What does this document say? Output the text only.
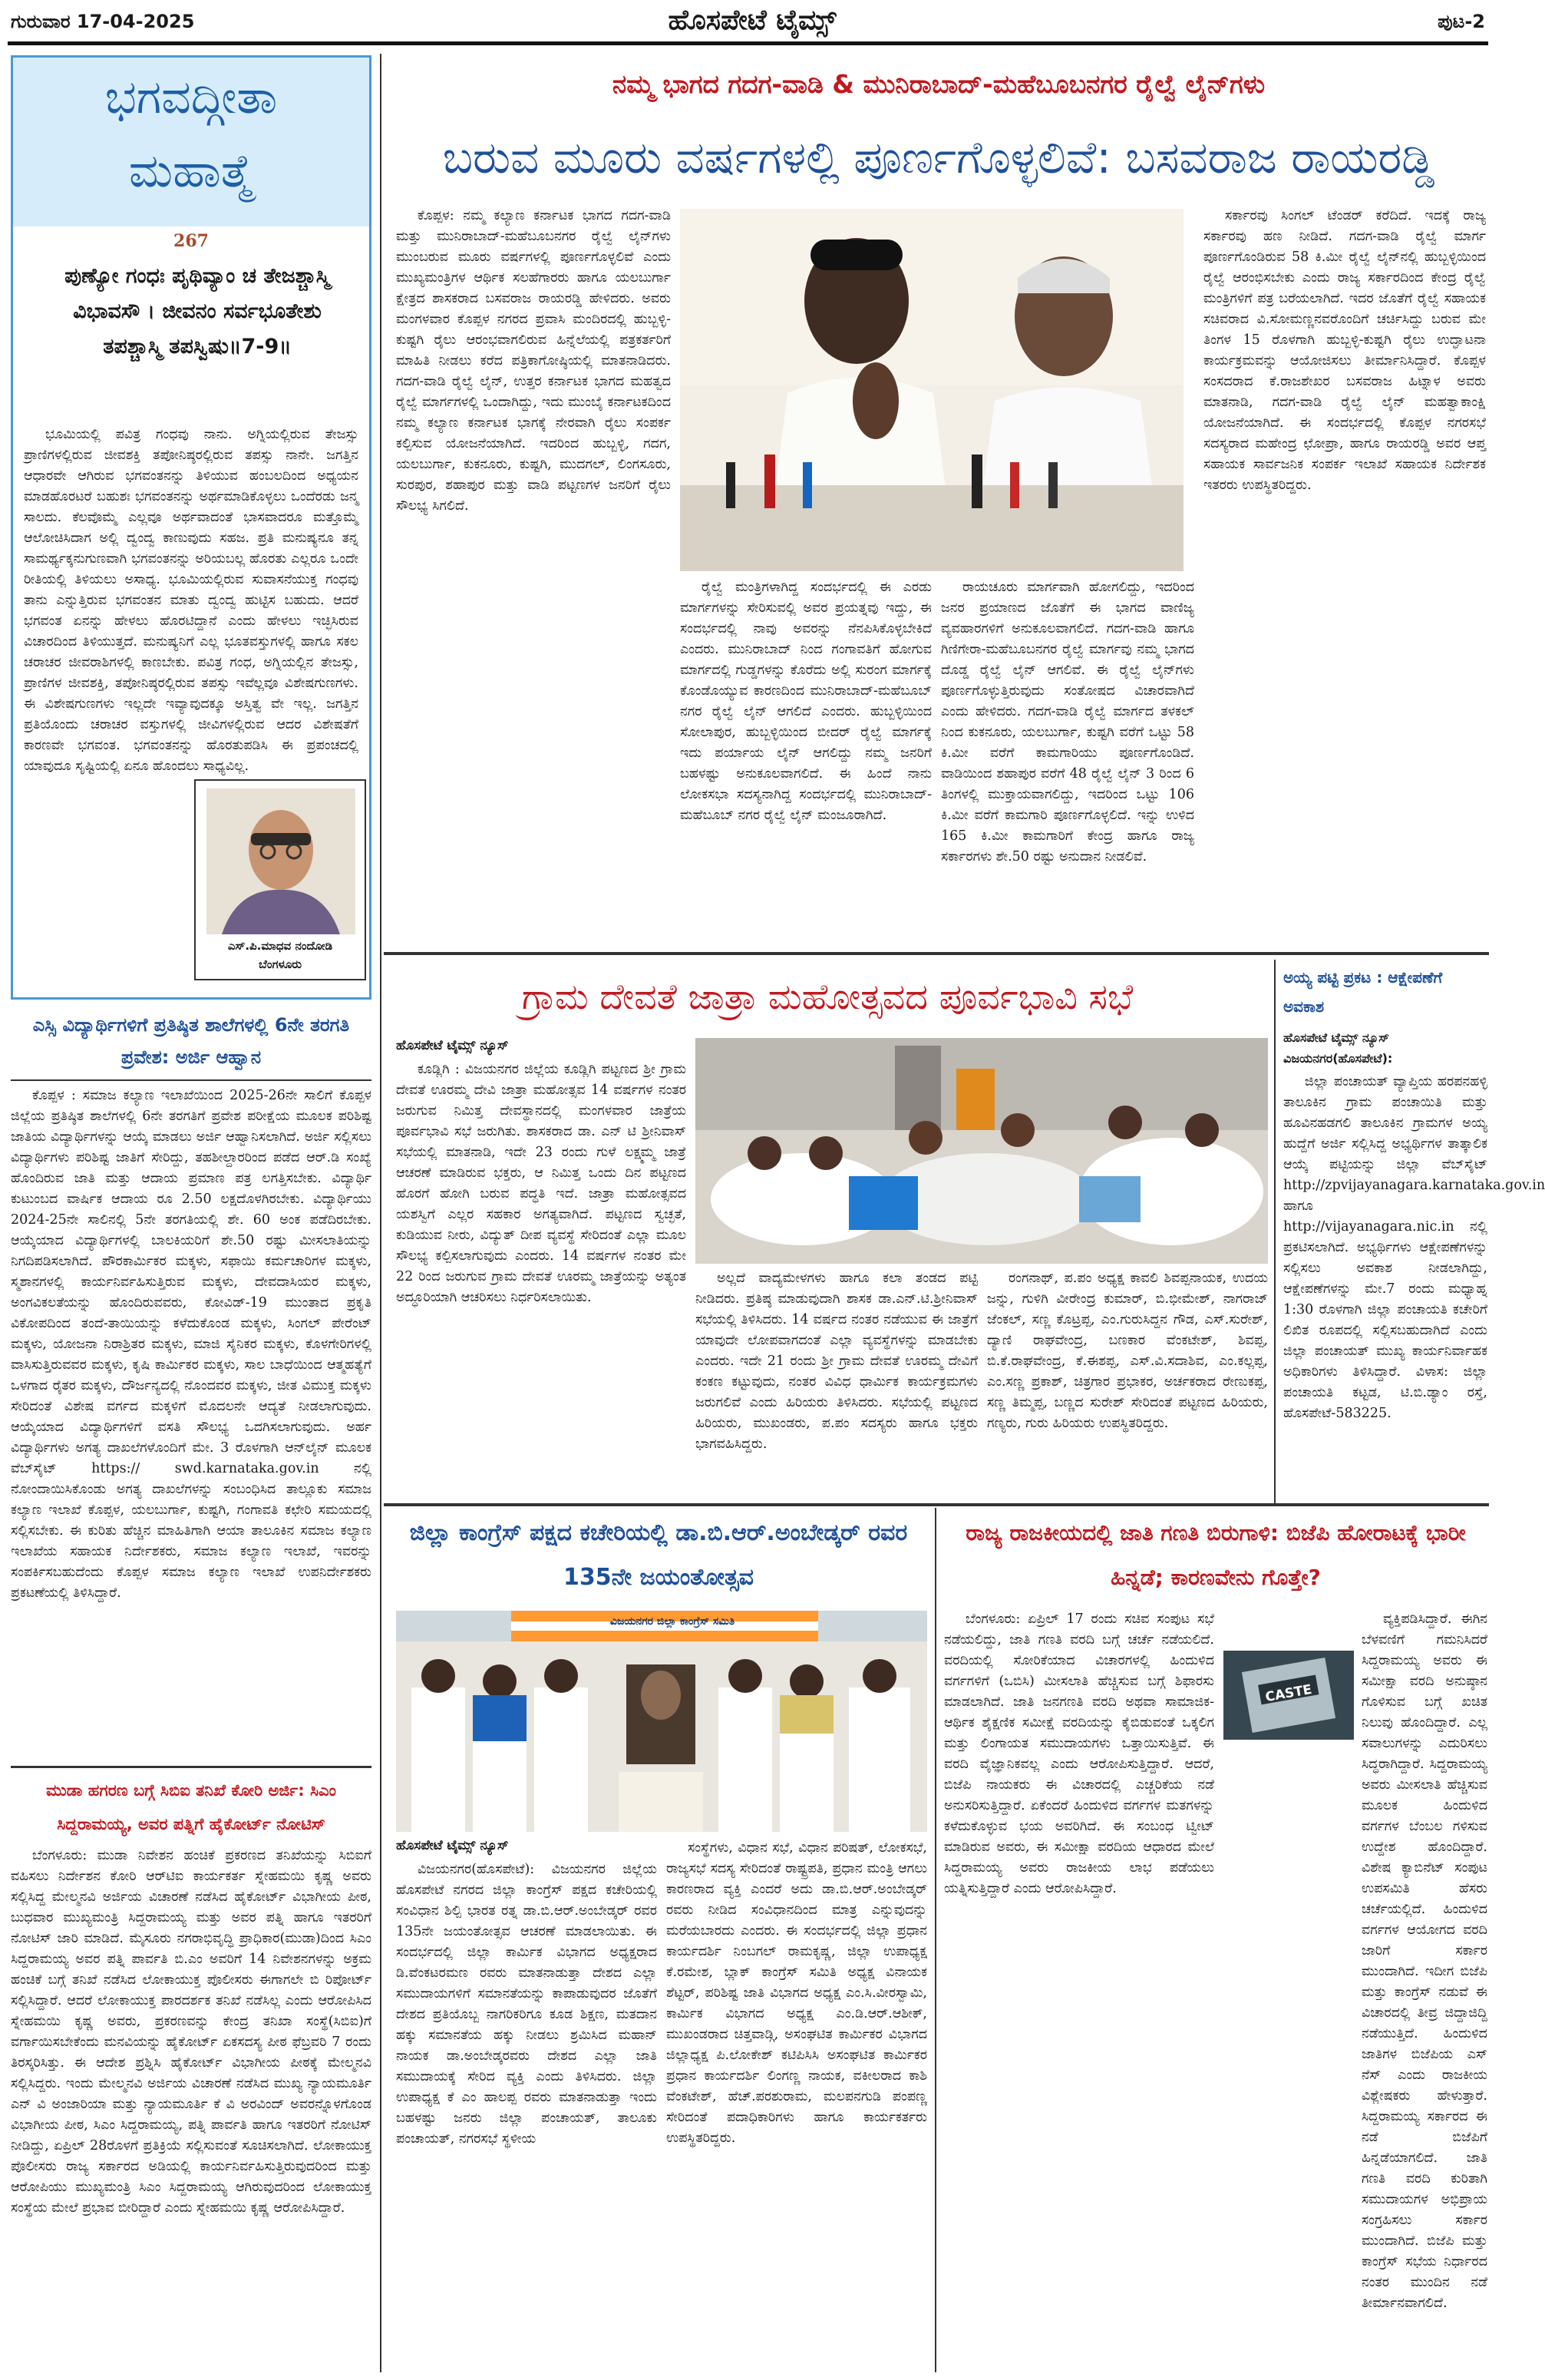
ಗುರುವಾರ 17-04-2025	ಹೊಸಪೇಟೆ ಟೈಮ್ಸ್	ಪುಟ-2
ಭಗವದ್ಗೀತಾ
ಮಹಾತ್ಮೆ
267
ಪುಣ್ಯೋ ಗಂಧಃ ಪೃಥಿವ್ಯಾಂ ಚ ತೇಜಶ್ಚಾಸ್ಮಿ ವಿಭಾವಸೌ । ಜೀವನಂ ಸರ್ವಭೂತೇಶು ತಪಶ್ಚಾಸ್ಮಿ ತಪಸ್ವಿಷು॥7-9॥

ಭೂಮಿಯಲ್ಲಿ ಪವಿತ್ರ ಗಂಧವು ನಾನು. ಅಗ್ನಿಯಲ್ಲಿರುವ ತೇಜಸ್ಸು ಪ್ರಾಣಿಗಳಲ್ಲಿರುವ ಜೀವಶಕ್ತಿ ತಪೋನಿಷ್ಠರಲ್ಲಿರುವ ತಪಸ್ಸು ನಾನೇ. ಜಗತ್ತಿನ ಆಧಾರವೇ ಆಗಿರುವ ಭಗವಂತನನ್ನು ತಿಳಿಯುವ ಹಂಬಲದಿಂದ ಅಧ್ಯಯನ ಮಾಡಹೊರಟರೆ ಬಹುಶಃ ಭಗವಂತನನ್ನು ಅರ್ಥಮಾಡಿಕೊಳ್ಳಲು ಒಂದೆರಡು ಜನ್ಮ ಸಾಲದು. ಕೆಲವೊಮ್ಮೆ ಎಲ್ಲವೂ ಅರ್ಥವಾದಂತೆ ಭಾಸವಾದರೂ ಮತ್ತೊಮ್ಮೆ ಆಲೋಚಿಸಿದಾಗ ಅಲ್ಲಿ ದ್ವಂದ್ವ ಕಾಣುವುದು ಸಹಜ. ಪ್ರತಿ ಮನುಷ್ಯನೂ ತನ್ನ ಸಾಮರ್ಥ್ಯಕ್ಕನುಗುಣವಾಗಿ ಭಗವಂತನನ್ನು ಅರಿಯಬಲ್ಲ ಹೊರತು ಎಲ್ಲರೂ ಒಂದೇ ರೀತಿಯಲ್ಲಿ ತಿಳಿಯಲು ಅಸಾಧ್ಯ. ಭೂಮಿಯಲ್ಲಿರುವ ಸುವಾಸನೆಯುಕ್ತ ಗಂಧವು ತಾನು ಎನ್ನುತ್ತಿರುವ ಭಗವಂತನ ಮಾತು ದ್ವಂದ್ವ ಹುಟ್ಟಿಸ ಬಹುದು. ಆದರೆ ಭಗವಂತ ಏನನ್ನು ಹೇಳಲು ಹೊರಟಿದ್ದಾನೆ ಎಂದು ಹೇಳಲು ಇಚ್ಛಿಸಿರುವ ವಿಚಾರದಿಂದ ತಿಳಿಯುತ್ತದೆ. ಮನುಷ್ಯನಿಗೆ ಎಲ್ಲ ಭೂತವಸ್ತುಗಳಲ್ಲಿ ಹಾಗೂ ಸಕಲ ಚರಾಚರ ಜೀವರಾಶಿಗಳಲ್ಲಿ ಕಾಣಬೇಕು. ಪವಿತ್ರ ಗಂಧ, ಅಗ್ನಿಯಲ್ಲಿನ ತೇಜಸ್ಸು, ಪ್ರಾಣಿಗಳ ಜೀವಶಕ್ತಿ, ತಪೋನಿಷ್ಠರಲ್ಲಿರುವ ತಪಸ್ಸು ಇವೆಲ್ಲವೂ ವಿಶೇಷಗುಣಗಳು. ಈ ವಿಶೇಷಗುಣಗಳು ಇಲ್ಲದೇ ಇವ್ಯಾವುದಕ್ಕೂ ಅಸ್ತಿತ್ವ ವೇ ಇಲ್ಲ. ಜಗತ್ತಿನ ಪ್ರತಿಯೊಂದು ಚರಾಚರ ವಸ್ತುಗಳಲ್ಲಿ ಜೀವಿಗಳಲ್ಲಿರುವ ಆದರ ವಿಶೇಷತೆಗೆ ಕಾರಣವೇ ಭಗವಂತ. ಭಗವಂತನನ್ನು ಹೊರತುಪಡಿಸಿ ಈ ಪ್ರಪಂಚದಲ್ಲಿ ಯಾವುದೂ ಸೃಷ್ಟಿಯಲ್ಲಿ ಏನೂ ಹೊಂದಲು ಸಾಧ್ಯವಿಲ್ಲ.

ಎಸ್.ಪಿ.ಮಾಧವ ನಂದೋಡಿ
ಬೆಂಗಳೂರು
ಎಸ್ಸಿ ವಿದ್ಯಾರ್ಥಿಗಳಿಗೆ ಪ್ರತಿಷ್ಠಿತ ಶಾಲೆಗಳಲ್ಲಿ 6ನೇ ತರಗತಿ ಪ್ರವೇಶ: ಅರ್ಜಿ ಆಹ್ವಾನ

ಕೊಪ್ಪಳ : ಸಮಾಜ ಕಲ್ಯಾಣ ಇಲಾಖೆಯಿಂದ 2025-26ನೇ ಸಾಲಿಗೆ ಕೊಪ್ಪಳ ಜಿಲ್ಲೆಯ ಪ್ರತಿಷ್ಠಿತ ಶಾಲೆಗಳಲ್ಲಿ 6ನೇ ತರಗತಿಗೆ ಪ್ರವೇಶ ಪರೀಕ್ಷೆಯ ಮೂಲಕ ಪರಿಶಿಷ್ಟ ಜಾತಿಯ ವಿದ್ಯಾರ್ಥಿಗಳನ್ನು ಆಯ್ಕೆ ಮಾಡಲು ಅರ್ಜಿ ಆಹ್ವಾನಿಸಲಾಗಿದೆ. ಅರ್ಜಿ ಸಲ್ಲಿಸಲು ವಿದ್ಯಾರ್ಥಿಗಳು ಪರಿಶಿಷ್ಟ ಜಾತಿಗೆ ಸೇರಿದ್ದು, ತಹಶೀಲ್ದಾರರಿಂದ ಪಡೆದ ಆರ್.ಡಿ ಸಂಖ್ಯೆ ಹೊಂದಿರುವ ಜಾತಿ ಮತ್ತು ಆದಾಯ ಪ್ರಮಾಣ ಪತ್ರ ಲಗತ್ತಿಸಬೇಕು. ವಿದ್ಯಾರ್ಥಿ ಕುಟುಂಬದ ವಾರ್ಷಿಕ ಆದಾಯ ರೂ 2.50 ಲಕ್ಷದೊಳಗಿರಬೇಕು. ವಿದ್ಯಾರ್ಥಿಯು 2024-25ನೇ ಸಾಲಿನಲ್ಲಿ 5ನೇ ತರಗತಿಯಲ್ಲಿ ಶೇ. 60 ಅಂಕ ಪಡೆದಿರಬೇಕು. ಆಯ್ಕೆಯಾದ ವಿದ್ಯಾರ್ಥಿಗಳಲ್ಲಿ ಬಾಲಕಿಯರಿಗೆ ಶೇ.50 ರಷ್ಟು ಮೀಸಲಾತಿಯನ್ನು ನಿಗದಿಪಡಿಸಲಾಗಿದೆ. ಪೌರಕಾರ್ಮಿಕರ ಮಕ್ಕಳು, ಸಫಾಯಿ ಕರ್ಮಚಾರಿಗಳ ಮಕ್ಕಳು, ಸ್ಮಶಾನಗಳಲ್ಲಿ ಕಾರ್ಯನಿರ್ವಹಿಸುತ್ತಿರುವ ಮಕ್ಕಳು, ದೇವದಾಸಿಯರ ಮಕ್ಕಳು, ಅಂಗವಿಕಲತೆಯನ್ನು ಹೊಂದಿರುವವರು, ಕೋವಿಡ್-19 ಮುಂತಾದ ಪ್ರಕೃತಿ ವಿಕೋಪದಿಂದ ತಂದೆ-ತಾಯಿಯನ್ನು ಕಳೆದುಕೊಂಡ ಮಕ್ಕಳು, ಸಿಂಗಲ್ ಪೇರೆಂಟ್ ಮಕ್ಕಳು, ಯೋಜನಾ ನಿರಾಶ್ರಿತರ ಮಕ್ಕಳು, ಮಾಜಿ ಸೈನಿಕರ ಮಕ್ಕಳು, ಕೊಳಗೇರಿಗಳಲ್ಲಿ ವಾಸಿಸುತ್ತಿರುವವರ ಮಕ್ಕಳು, ಕೃಷಿ ಕಾರ್ಮಿಕರ ಮಕ್ಕಳು, ಸಾಲ ಬಾಧೆಯಿಂದ ಆತ್ಮಹತ್ಯೆಗೆ ಒಳಗಾದ ರೈತರ ಮಕ್ಕಳು, ದೌರ್ಜನ್ಯದಲ್ಲಿ ನೊಂದವರ ಮಕ್ಕಳು, ಜೀತ ವಿಮುಕ್ತ ಮಕ್ಕಳು ಸೇರಿದಂತೆ ವಿಶೇಷ ವರ್ಗದ ಮಕ್ಕಳಿಗೆ ಮೊದಲನೇ ಆದ್ಯತೆ ನೀಡಲಾಗುವುದು. ಆಯ್ಕೆಯಾದ ವಿದ್ಯಾರ್ಥಿಗಳಿಗೆ ವಸತಿ ಸೌಲಭ್ಯ ಒದಗಿಸಲಾಗುವುದು. ಅರ್ಹ ವಿದ್ಯಾರ್ಥಿಗಳು ಅಗತ್ಯ ದಾಖಲೆಗಳೊಂದಿಗೆ ಮೇ. 3 ರೊಳಗಾಗಿ ಆನ್‌ಲೈನ್ ಮೂಲಕ ವೆಬ್‌ಸೈಟ್ https:// swd.karnataka.gov.in ನಲ್ಲಿ ನೋಂದಾಯಿಸಿಕೊಂಡು ಅಗತ್ಯ ದಾಖಲೆಗಳನ್ನು ಸಂಬಂಧಿಸಿದ ತಾಲ್ಲೂಕು ಸಮಾಜ ಕಲ್ಯಾಣ ಇಲಾಖೆ ಕೊಪ್ಪಳ, ಯಲಬುರ್ಗಾ, ಕುಷ್ಟಗಿ, ಗಂಗಾವತಿ ಕಛೇರಿ ಸಮಯದಲ್ಲಿ ಸಲ್ಲಿಸಬೇಕು. ಈ ಕುರಿತು ಹೆಚ್ಚಿನ ಮಾಹಿತಿಗಾಗಿ ಆಯಾ ತಾಲೂಕಿನ ಸಮಾಜ ಕಲ್ಯಾಣ ಇಲಾಖೆಯ ಸಹಾಯಕ ನಿರ್ದೇಶಕರು, ಸಮಾಜ ಕಲ್ಯಾಣ ಇಲಾಖೆ, ಇವರನ್ನು ಸಂಪರ್ಕಿಸಬಹುದೆಂದು ಕೊಪ್ಪಳ ಸಮಾಜ ಕಲ್ಯಾಣ ಇಲಾಖೆ ಉಪನಿರ್ದೇಶಕರು ಪ್ರಕಟಣೆಯಲ್ಲಿ ತಿಳಿಸಿದ್ದಾರೆ.

ಮುಡಾ ಹಗರಣ ಬಗ್ಗೆ ಸಿಬಿಐ ತನಿಖೆ ಕೋರಿ ಅರ್ಜಿ: ಸಿಎಂ ಸಿದ್ದರಾಮಯ್ಯ, ಅವರ ಪತ್ನಿಗೆ ಹೈಕೋರ್ಟ್ ನೋಟಿಸ್

ಬೆಂಗಳೂರು: ಮುಡಾ ನಿವೇಶನ ಹಂಚಿಕೆ ಪ್ರಕರಣದ ತನಿಖೆಯನ್ನು ಸಿಬಿಐಗೆ ವಹಿಸಲು ನಿರ್ದೇಶನ ಕೋರಿ ಆರ್‌ಟಿಐ ಕಾರ್ಯಕರ್ತ ಸ್ನೇಹಮಯಿ ಕೃಷ್ಣ ಅವರು ಸಲ್ಲಿಸಿದ್ದ ಮೇಲ್ಮನವಿ ಅರ್ಜಿಯ ವಿಚಾರಣೆ ನಡೆಸಿದ ಹೈಕೋರ್ಟ್ ವಿಭಾಗೀಯ ಪೀಠ, ಬುಧವಾರ ಮುಖ್ಯಮಂತ್ರಿ ಸಿದ್ದರಾಮಯ್ಯ ಮತ್ತು ಅವರ ಪತ್ನಿ ಹಾಗೂ ಇತರರಿಗೆ ನೋಟಿಸ್ ಜಾರಿ ಮಾಡಿದೆ. ಮೈಸೂರು ನಗರಾಭಿವೃದ್ಧಿ ಪ್ರಾಧಿಕಾರ(ಮುಡಾ)ದಿಂದ ಸಿಎಂ ಸಿದ್ದರಾಮಯ್ಯ ಅವರ ಪತ್ನಿ ಪಾರ್ವತಿ ಬಿ.ಎಂ ಅವರಿಗೆ 14 ನಿವೇಶನಗಳನ್ನು ಅಕ್ರಮ ಹಂಚಿಕೆ ಬಗ್ಗೆ ತನಿಖೆ ನಡೆಸಿದ ಲೋಕಾಯುಕ್ತ ಪೊಲೀಸರು ಈಗಾಗಲೇ ಬಿ ರಿಪೋರ್ಟ್ ಸಲ್ಲಿಸಿದ್ದಾರೆ. ಆದರೆ ಲೋಕಾಯುಕ್ತ ಪಾರದರ್ಶಕ ತನಿಖೆ ನಡೆಸಿಲ್ಲ ಎಂದು ಆರೋಪಿಸಿದ ಸ್ನೇಹಮಯಿ ಕೃಷ್ಣ ಅವರು, ಪ್ರಕರಣವನ್ನು ಕೇಂದ್ರ ತನಿಖಾ ಸಂಸ್ಥೆ(ಸಿಬಿಐ)ಗೆ ವರ್ಗಾಯಿಸಬೇಕೆಂದು ಮನವಿಯನ್ನು ಹೈಕೋರ್ಟ್ ಏಕಸದಸ್ಯ ಪೀಠ ಫೆಬ್ರವರಿ 7 ರಂದು ತಿರಸ್ಕರಿಸಿತ್ತು. ಈ ಆದೇಶ ಪ್ರಶ್ನಿಸಿ ಹೈಕೋರ್ಟ್ ವಿಭಾಗೀಯ ಪೀಠಕ್ಕೆ ಮೇಲ್ಮನವಿ ಸಲ್ಲಿಸಿದ್ದರು. ಇಂದು ಮೇಲ್ಮನವಿ ಅರ್ಜಿಯ ವಿಚಾರಣೆ ನಡೆಸಿದ ಮುಖ್ಯ ನ್ಯಾಯಮೂರ್ತಿ ಎನ್ ವಿ ಅಂಜಾರಿಯಾ ಮತ್ತು ನ್ಯಾಯಮೂರ್ತಿ ಕೆ ವಿ ಅರವಿಂದ್ ಅವರನ್ನೊಳಗೊಂಡ ವಿಭಾಗೀಯ ಪೀಠ, ಸಿಎಂ ಸಿದ್ದರಾಮಯ್ಯ, ಪತ್ನಿ ಪಾರ್ವತಿ ಹಾಗೂ ಇತರರಿಗೆ ನೋಟಿಸ್ ನೀಡಿದ್ದು, ಏಪ್ರಿಲ್ 28ರೊಳಗೆ ಪ್ರತಿಕ್ರಿಯೆ ಸಲ್ಲಿಸುವಂತೆ ಸೂಚಿಸಲಾಗಿದೆ. ಲೋಕಾಯುಕ್ತ ಪೊಲೀಸರು ರಾಜ್ಯ ಸರ್ಕಾರದ ಅಡಿಯಲ್ಲಿ ಕಾರ್ಯನಿರ್ವಹಿಸುತ್ತಿರುವುದರಿಂದ ಮತ್ತು ಆರೋಪಿಯು ಮುಖ್ಯಮಂತ್ರಿ ಸಿಎಂ ಸಿದ್ದರಾಮಯ್ಯ ಆಗಿರುವುದರಿಂದ ಲೋಕಾಯುಕ್ತ ಸಂಸ್ಥೆಯ ಮೇಲೆ ಪ್ರಭಾವ ಬೀರಿದ್ದಾರೆ ಎಂದು ಸ್ನೇಹಮಯಿ ಕೃಷ್ಣ ಆರೋಪಿಸಿದ್ದಾರೆ.

ನಮ್ಮ ಭಾಗದ ಗದಗ-ವಾಡಿ & ಮುನಿರಾಬಾದ್-ಮಹೆಬೂಬನಗರ ರೈಲ್ವೆ ಲೈನ್‌ಗಳು
ಬರುವ ಮೂರು ವರ್ಷಗಳಲ್ಲಿ ಪೂರ್ಣಗೊಳ್ಳಲಿವೆ: ಬಸವರಾಜ ರಾಯರಡ್ಡಿ

ಕೊಪ್ಪಳ: ನಮ್ಮ ಕಲ್ಯಾಣ ಕರ್ನಾಟಕ ಭಾಗದ ಗದಗ-ವಾಡಿ ಮತ್ತು ಮುನಿರಾಬಾದ್-ಮಹೆಬೂಬನಗರ ರೈಲ್ವೆ ಲೈನ್‌ಗಳು ಮುಂಬರುವ ಮೂರು ವರ್ಷಗಳಲ್ಲಿ ಪೂರ್ಣಗೊಳ್ಳಲಿವೆ ಎಂದು ಮುಖ್ಯಮಂತ್ರಿಗಳ ಆರ್ಥಿಕ ಸಲಹೆಗಾರರು ಹಾಗೂ ಯಲಬುರ್ಗಾ ಕ್ಷೇತ್ರದ ಶಾಸಕರಾದ ಬಸವರಾಜ ರಾಯರಡ್ಡಿ ಹೇಳಿದರು. ಅವರು ಮಂಗಳವಾರ ಕೊಪ್ಪಳ ನಗರದ ಪ್ರವಾಸಿ ಮಂದಿರದಲ್ಲಿ ಹುಬ್ಬಳ್ಳಿ-ಕುಷ್ಟಗಿ ರೈಲು ಆರಂಭವಾಗಲಿರುವ ಹಿನ್ನೆಲೆಯಲ್ಲಿ ಪತ್ರಕರ್ತರಿಗೆ ಮಾಹಿತಿ ನೀಡಲು ಕರೆದ ಪತ್ರಿಕಾಗೋಷ್ಠಿಯಲ್ಲಿ ಮಾತನಾಡಿದರು. ಗದಗ-ವಾಡಿ ರೈಲ್ವೆ ಲೈನ್, ಉತ್ತರ ಕರ್ನಾಟಕ ಭಾಗದ ಮಹತ್ವದ ರೈಲ್ವೆ ಮಾರ್ಗಗಳಲ್ಲಿ ಒಂದಾಗಿದ್ದು, ಇದು ಮುಂಬೈ ಕರ್ನಾಟಕದಿಂದ ನಮ್ಮ ಕಲ್ಯಾಣ ಕರ್ನಾಟಕ ಭಾಗಕ್ಕೆ ನೇರವಾಗಿ ರೈಲು ಸಂಪರ್ಕ ಕಲ್ಪಿಸುವ ಯೋಜನೆಯಾಗಿದೆ. ಇದರಿಂದ ಹುಬ್ಬಳ್ಳಿ, ಗದಗ, ಯಲಬುರ್ಗಾ, ಕುಕನೂರು, ಕುಷ್ಟಗಿ, ಮುದಗಲ್, ಲಿಂಗಸೂರು, ಸುರಪುರ, ಶಹಾಪುರ ಮತ್ತು ವಾಡಿ ಪಟ್ಟಣಗಳ ಜನರಿಗೆ ರೈಲು ಸೌಲಭ್ಯ ಸಿಗಲಿದೆ.

ರೈಲ್ವೆ ಮಂತ್ರಿಗಳಾಗಿದ್ದ ಸಂದರ್ಭದಲ್ಲಿ ಈ ಎರಡು ಮಾರ್ಗಗಳನ್ನು ಸೇರಿಸುವಲ್ಲಿ ಅವರ ಪ್ರಯತ್ನವು ಇದ್ದು, ಈ ಸಂದರ್ಭದಲ್ಲಿ ನಾವು ಅವರನ್ನು ನೆನಪಿಸಿಕೊಳ್ಳಬೇಕಿದೆ ಎಂದರು. ಮುನಿರಾಬಾದ್ ನಿಂದ ಗಂಗಾವತಿಗೆ ಹೋಗುವ ಮಾರ್ಗದಲ್ಲಿ ಗುಡ್ಡಗಳನ್ನು ಕೊರೆದು ಅಲ್ಲಿ ಸುರಂಗ ಮಾರ್ಗಕ್ಕೆ ಕೊಂಡೊಯ್ಯುವ ಕಾರಣದಿಂದ ಮುನಿರಾಬಾದ್-ಮಹೆಬೂಬ್ ನಗರ ರೈಲ್ವೆ ಲೈನ್ ಆಗಲಿದೆ ಎಂದರು. ಹುಬ್ಬಳ್ಳಿಯಿಂದ ಸೋಲಾಪುರ, ಹುಬ್ಬಳ್ಳಿಯಿಂದ ಬೀದರ್ ರೈಲ್ವೆ ಮಾರ್ಗಕ್ಕೆ ಇದು ಪರ್ಯಾಯ ಲೈನ್ ಆಗಲಿದ್ದು ನಮ್ಮ ಜನರಿಗೆ ಬಹಳಷ್ಟು ಅನುಕೂಲವಾಗಲಿದೆ. ಈ ಹಿಂದೆ ನಾನು ಲೋಕಸಭಾ ಸದಸ್ಯನಾಗಿದ್ದ ಸಂದರ್ಭದಲ್ಲಿ ಮುನಿರಾಬಾದ್-ಮಹೆಬೂಬ್ ನಗರ ರೈಲ್ವೆ ಲೈನ್ ಮಂಜೂರಾಗಿದೆ.

ರಾಯಚೂರು ಮಾರ್ಗವಾಗಿ ಹೋಗಲಿದ್ದು, ಇದರಿಂದ ಜನರ ಪ್ರಯಾಣದ ಜೊತೆಗೆ ಈ ಭಾಗದ ವಾಣಿಜ್ಯ ವ್ಯವಹಾರಗಳಿಗೆ ಅನುಕೂಲವಾಗಲಿದೆ. ಗದಗ-ವಾಡಿ ಹಾಗೂ ಗಿಣಿಗೇರಾ-ಮಹೆಬೂಬನಗರ ರೈಲ್ವೆ ಮಾರ್ಗವು ನಮ್ಮ ಭಾಗದ ದೊಡ್ಡ ರೈಲ್ವೆ ಲೈನ್ ಆಗಲಿವೆ. ಈ ರೈಲ್ವೆ ಲೈನ್‌ಗಳು ಪೂರ್ಣಗೊಳ್ಳುತ್ತಿರುವುದು ಸಂತೋಷದ ವಿಚಾರವಾಗಿದೆ ಎಂದು ಹೇಳಿದರು. ಗದಗ-ವಾಡಿ ರೈಲ್ವೆ ಮಾರ್ಗದ ತಳಕಲ್ ನಿಂದ ಕುಕನೂರು, ಯಲಬುರ್ಗಾ, ಕುಷ್ಟಗಿ ವರೆಗೆ ಒಟ್ಟು 58 ಕಿ.ಮೀ ವರೆಗೆ ಕಾಮಗಾರಿಯು ಪೂರ್ಣಗೊಂಡಿದೆ. ವಾಡಿಯಿಂದ ಶಹಾಪುರ ವರೆಗೆ 48 ರೈಲ್ವೆ ಲೈನ್ 3 ರಿಂದ 6 ತಿಂಗಳಲ್ಲಿ ಮುಕ್ತಾಯವಾಗಲಿದ್ದು, ಇದರಿಂದ ಒಟ್ಟು 106 ಕಿ.ಮೀ ವರೆಗೆ ಕಾಮಗಾರಿ ಪೂರ್ಣಗೊಳ್ಳಲಿದೆ. ಇನ್ನು ಉಳಿದ 165 ಕಿ.ಮೀ ಕಾಮಗಾರಿಗೆ ಕೇಂದ್ರ ಹಾಗೂ ರಾಜ್ಯ ಸರ್ಕಾರಗಳು ಶೇ.50 ರಷ್ಟು ಅನುದಾನ ನೀಡಲಿವೆ.

ಸರ್ಕಾರವು ಸಿಂಗಲ್ ಟೆಂಡರ್ ಕರೆದಿದೆ. ಇದಕ್ಕೆ ರಾಜ್ಯ ಸರ್ಕಾರವು ಹಣ ನೀಡಿದೆ. ಗದಗ-ವಾಡಿ ರೈಲ್ವೆ ಮಾರ್ಗ ಪೂರ್ಣಗೊಂಡಿರುವ 58 ಕಿ.ಮೀ ರೈಲ್ವೆ ಲೈನ್‌ನಲ್ಲಿ ಹುಬ್ಬಳ್ಳಿಯಿಂದ ರೈಲ್ವೆ ಆರಂಭಿಸಬೇಕು ಎಂದು ರಾಜ್ಯ ಸರ್ಕಾರದಿಂದ ಕೇಂದ್ರ ರೈಲ್ವೆ ಮಂತ್ರಿಗಳಿಗೆ ಪತ್ರ ಬರೆಯಲಾಗಿದೆ. ಇದರ ಜೊತೆಗೆ ರೈಲ್ವೆ ಸಹಾಯಕ ಸಚಿವರಾದ ವಿ.ಸೋಮಣ್ಣನವರೊಂದಿಗೆ ಚರ್ಚಿಸಿದ್ದು ಬರುವ ಮೇ ತಿಂಗಳ 15 ರೊಳಗಾಗಿ ಹುಬ್ಬಳ್ಳಿ-ಕುಷ್ಟಗಿ ರೈಲು ಉದ್ಘಾಟನಾ ಕಾರ್ಯಕ್ರಮವನ್ನು ಆಯೋಜಿಸಲು ತೀರ್ಮಾನಿಸಿದ್ದಾರೆ. ಕೊಪ್ಪಳ ಸಂಸದರಾದ ಕೆ.ರಾಜಶೇಖರ ಬಸವರಾಜ ಹಿಟ್ನಾಳ ಅವರು ಮಾತನಾಡಿ, ಗದಗ-ವಾಡಿ ರೈಲ್ವೆ ಲೈನ್ ಮಹತ್ವಾಕಾಂಕ್ಷಿ ಯೋಜನೆಯಾಗಿದೆ. ಈ ಸಂದರ್ಭದಲ್ಲಿ ಕೊಪ್ಪಳ ನಗರಸಭೆ ಸದಸ್ಯರಾದ ಮಹೇಂದ್ರ ಛೋಪ್ರಾ, ಹಾಗೂ ರಾಯರಡ್ಡಿ ಅವರ ಆಪ್ತ ಸಹಾಯಕ ಸಾರ್ವಜನಿಕ ಸಂಪರ್ಕ ಇಲಾಖೆ ಸಹಾಯಕ ನಿರ್ದೇಶಕ ಇತರರು ಉಪಸ್ಥಿತರಿದ್ದರು.

ಗ್ರಾಮ ದೇವತೆ ಜಾತ್ರಾ ಮಹೋತ್ಸವದ ಪೂರ್ವಭಾವಿ ಸಭೆ
ಹೊಸಪೇಟೆ ಟೈಮ್ಸ್ ನ್ಯೂಸ್

ಕೂಡ್ಲಿಗಿ : ವಿಜಯನಗರ ಜಿಲ್ಲೆಯ ಕೂಡ್ಲಿಗಿ ಪಟ್ಟಣದ ಶ್ರೀ ಗ್ರಾಮ ದೇವತೆ ಊರಮ್ಮ ದೇವಿ ಜಾತ್ರಾ ಮಹೋತ್ಸವ 14 ವರ್ಷಗಳ ನಂತರ ಜರುಗುವ ನಿಮಿತ್ತ ದೇವಸ್ಥಾನದಲ್ಲಿ ಮಂಗಳವಾರ ಜಾತ್ರೆಯ ಪೂರ್ವಭಾವಿ ಸಭೆ ಜರುಗಿತು. ಶಾಸಕರಾದ ಡಾ. ಎನ್ ಟಿ ಶ್ರೀನಿವಾಸ್ ಸಭೆಯಲ್ಲಿ ಮಾತನಾಡಿ, ಇದೇ 23 ರಂದು ಗುಳೆ ಲಕ್ಷ್ಮಮ್ಮ ಜಾತ್ರೆ ಆಚರಣೆ ಮಾಡಿರುವ ಭಕ್ತರು, ಆ ನಿಮಿತ್ತ ಒಂದು ದಿನ ಪಟ್ಟಣದ ಹೊರಗೆ ಹೋಗಿ ಬರುವ ಪದ್ಧತಿ ಇದೆ. ಜಾತ್ರಾ ಮಹೋತ್ಸವದ ಯಶಸ್ವಿಗೆ ಎಲ್ಲರ ಸಹಕಾರ ಅಗತ್ಯವಾಗಿದೆ. ಪಟ್ಟಣದ ಸ್ವಚ್ಛತೆ, ಕುಡಿಯುವ ನೀರು, ವಿದ್ಯುತ್ ದೀಪ ವ್ಯವಸ್ಥೆ ಸೇರಿದಂತೆ ಎಲ್ಲಾ ಮೂಲ ಸೌಲಭ್ಯ ಕಲ್ಪಿಸಲಾಗುವುದು ಎಂದರು. 14 ವರ್ಷಗಳ ನಂತರ ಮೇ 22 ರಿಂದ ಜರುಗುವ ಗ್ರಾಮ ದೇವತೆ ಊರಮ್ಮ ಜಾತ್ರೆಯನ್ನು ಅತ್ಯಂತ ಅದ್ಧೂರಿಯಾಗಿ ಆಚರಿಸಲು ನಿರ್ಧರಿಸಲಾಯಿತು.

ಅಲ್ಲದೆ ವಾದ್ಯಮೇಳಗಳು ಹಾಗೂ ಕಲಾ ತಂಡದ ಪಟ್ಟಿ ನೀಡಿದರು. ಪ್ರತಿಷ್ಠ ಮಾಡುವುದಾಗಿ ಶಾಸಕ ಡಾ.ಎನ್.ಟಿ.ಶ್ರೀನಿವಾಸ್ ಸಭೆಯಲ್ಲಿ ತಿಳಿಸಿದರು. 14 ವರ್ಷದ ನಂತರ ನಡೆಯುವ ಈ ಜಾತ್ರೆಗೆ ಯಾವುದೇ ಲೋಪವಾಗದಂತೆ ಎಲ್ಲಾ ವ್ಯವಸ್ಥೆಗಳನ್ನು ಮಾಡಬೇಕು ಎಂದರು. ಇದೇ 21 ರಂದು ಶ್ರೀ ಗ್ರಾಮ ದೇವತೆ ಊರಮ್ಮ ದೇವಿಗೆ ಕಂಕಣ ಕಟ್ಟುವುದು, ನಂತರ ವಿವಿಧ ಧಾರ್ಮಿಕ ಕಾರ್ಯಕ್ರಮಗಳು ಜರುಗಲಿವೆ ಎಂದು ಹಿರಿಯರು ತಿಳಿಸಿದರು. ಸಭೆಯಲ್ಲಿ ಪಟ್ಟಣದ ಹಿರಿಯರು, ಮುಖಂಡರು, ಪ.ಪಂ ಸದಸ್ಯರು ಹಾಗೂ ಭಕ್ತರು ಭಾಗವಹಿಸಿದ್ದರು.

ರಂಗನಾಥ್, ಪ.ಪಂ ಅಧ್ಯಕ್ಷ ಕಾವಲಿ ಶಿವಪ್ಪನಾಯಕ, ಉದಯ ಜನ್ನು, ಗುಳಿಗಿ ವೀರೇಂದ್ರ ಕುಮಾರ್, ಬಿ.ಭೀಮೇಶ್, ನಾಗರಾಜ್ ಜೆಂಕಲ್, ಸಣ್ಣ ಕೊಟ್ರಪ್ಪ, ಎಂ.ಗುರುಸಿದ್ದನ ಗೌಡ, ಎಸ್.ಸುರೇಶ್, ದ್ಯಾಣಿ ರಾಘವೇಂದ್ರ, ಬಣಕಾರ ವೆಂಕಟೇಶ್, ಶಿವಪ್ಪ, ಬಿ.ಕೆ.ರಾಘವೇಂದ್ರ, ಕೆ.ಈಶಪ್ಪ, ಎಸ್.ವಿ.ಸದಾಶಿವ, ಎಂ.ಕಲ್ಲಪ್ಪ, ಎಂ.ಸಣ್ಣ ಪ್ರಕಾಶ್, ಚಿತ್ರಗಾರ ಪ್ರಭಾಕರ, ಅರ್ಚಕರಾದ ರೇಣುಕಪ್ಪ, ಸಣ್ಣ ತಿಮ್ಮಪ್ಪ, ಬಣ್ಣದ ಸುರೇಶ್ ಸೇರಿದಂತೆ ಪಟ್ಟಣದ ಹಿರಿಯರು, ಗಣ್ಯರು, ಗುರು ಹಿರಿಯರು ಉಪಸ್ಥಿತರಿದ್ದರು.

ಅಯ್ಯ ಪಟ್ಟಿ ಪ್ರಕಟ : ಆಕ್ಷೇಪಣೆಗೆ ಅವಕಾಶ
ಹೊಸಪೇಟೆ ಟೈಮ್ಸ್ ನ್ಯೂಸ್ ವಿಜಯನಗರ(ಹೊಸಪೇಟೆ):

ಜಿಲ್ಲಾ ಪಂಚಾಯತ್ ವ್ಯಾಪ್ತಿಯ ಹರಪನಹಳ್ಳಿ ತಾಲೂಕಿನ ಗ್ರಾಮ ಪಂಚಾಯಿತಿ ಮತ್ತು ಹೂವಿನಹಡಗಲಿ ತಾಲೂಕಿನ ಗ್ರಾಮಗಳ ಅಯ್ಯ ಹುದ್ದೆಗೆ ಅರ್ಜಿ ಸಲ್ಲಿಸಿದ್ದ ಅಭ್ಯರ್ಥಿಗಳ ತಾತ್ಕಾಲಿಕ ಆಯ್ಕೆ ಪಟ್ಟಿಯನ್ನು ಜಿಲ್ಲಾ ವೆಬ್‌ಸೈಟ್ http://zpvijayanagara.karnataka.gov.in ಹಾಗೂ http://vijayanagara.nic.in ನಲ್ಲಿ ಪ್ರಕಟಿಸಲಾಗಿದೆ. ಅಭ್ಯರ್ಥಿಗಳು ಆಕ್ಷೇಪಣೆಗಳನ್ನು ಸಲ್ಲಿಸಲು ಅವಕಾಶ ನೀಡಲಾಗಿದ್ದು, ಆಕ್ಷೇಪಣೆಗಳನ್ನು ಮೇ.7 ರಂದು ಮಧ್ಯಾಹ್ನ 1:30 ರೊಳಗಾಗಿ ಜಿಲ್ಲಾ ಪಂಚಾಯತಿ ಕಚೇರಿಗೆ ಲಿಖಿತ ರೂಪದಲ್ಲಿ ಸಲ್ಲಿಸಬಹುದಾಗಿದೆ ಎಂದು ಜಿಲ್ಲಾ ಪಂಚಾಯತ್ ಮುಖ್ಯ ಕಾರ್ಯನಿರ್ವಾಹಕ ಅಧಿಕಾರಿಗಳು ತಿಳಿಸಿದ್ದಾರೆ. ವಿಳಾಸ: ಜಿಲ್ಲಾ ಪಂಚಾಯತಿ ಕಟ್ಟಡ, ಟಿ.ಬಿ.ಡ್ಯಾಂ ರಸ್ತೆ, ಹೊಸಪೇಟೆ-583225.

ಜಿಲ್ಲಾ ಕಾಂಗ್ರೆಸ್ ಪಕ್ಷದ ಕಚೇರಿಯಲ್ಲಿ ಡಾ.ಬಿ.ಆರ್.ಅಂಬೇಡ್ಕರ್ ರವರ 135ನೇ ಜಯಂತೋತ್ಸವ
ವಿಜಯನಗರ ಜಿಲ್ಲಾ ಕಾಂಗ್ರೆಸ್ ಸಮಿತಿ
ಹೊಸಪೇಟೆ ಟೈಮ್ಸ್ ನ್ಯೂಸ್

ವಿಜಯನಗರ(ಹೊಸಪೇಟೆ): ವಿಜಯನಗರ ಜಿಲ್ಲೆಯ ಹೊಸಪೇಟೆ ನಗರದ ಜಿಲ್ಲಾ ಕಾಂಗ್ರೆಸ್ ಪಕ್ಷದ ಕಚೇರಿಯಲ್ಲಿ ಸಂವಿಧಾನ ಶಿಲ್ಪಿ ಭಾರತ ರತ್ನ ಡಾ.ಬಿ.ಆರ್.ಅಂಬೇಡ್ಕರ್ ರವರ 135ನೇ ಜಯಂತೋತ್ಸವ ಆಚರಣೆ ಮಾಡಲಾಯಿತು. ಈ ಸಂದರ್ಭದಲ್ಲಿ ಜಿಲ್ಲಾ ಕಾರ್ಮಿಕ ವಿಭಾಗದ ಅಧ್ಯಕ್ಷರಾದ ಡಿ.ವೆಂಕಟರಮಣ ರವರು ಮಾತನಾಡುತ್ತಾ ದೇಶದ ಎಲ್ಲಾ ಸಮುದಾಯಗಳಿಗೆ ಸಮಾನತೆಯನ್ನು ಕಾಪಾಡುವುದರ ಜೊತೆಗೆ ದೇಶದ ಪ್ರತಿಯೊಬ್ಬ ನಾಗರಿಕರಿಗೂ ಕೂಡ ಶಿಕ್ಷಣ, ಮತದಾನ ಹಕ್ಕು ಸಮಾನತೆಯ ಹಕ್ಕು ನೀಡಲು ಶ್ರಮಿಸಿದ ಮಹಾನ್ ನಾಯಕ ಡಾ.ಅಂಬೇಡ್ಕರವರು ದೇಶದ ಎಲ್ಲಾ ಜಾತಿ ಸಮುದಾಯಕ್ಕೆ ಸೇರಿದ ವ್ಯಕ್ತಿ ಎಂದು ತಿಳಿಸಿದರು. ಜಿಲ್ಲಾ ಉಪಾಧ್ಯಕ್ಷ ಕೆ ಎಂ ಹಾಲಪ್ಪ ರವರು ಮಾತನಾಡುತ್ತಾ ಇಂದು ಬಹಳಷ್ಟು ಜನರು ಜಿಲ್ಲಾ ಪಂಚಾಯತ್, ತಾಲೂಕು ಪಂಚಾಯತ್, ನಗರಸಭೆ ಸ್ಥಳೀಯ

ಸಂಸ್ಥೆಗಳು, ವಿಧಾನ ಸಭೆ, ವಿಧಾನ ಪರಿಷತ್, ಲೋಕಸಭೆ, ರಾಜ್ಯಸಭೆ ಸದಸ್ಯ ಸೇರಿದಂತೆ ರಾಷ್ಟ್ರಪತಿ, ಪ್ರಧಾನ ಮಂತ್ರಿ ಆಗಲು ಕಾರಣರಾದ ವ್ಯಕ್ತಿ ಎಂದರೆ ಅದು ಡಾ.ಬಿ.ಆರ್.ಅಂಬೇಡ್ಕರ್ ರವರು ನೀಡಿದ ಸಂವಿಧಾನದಿಂದ ಮಾತ್ರ ಎನ್ನುವುದನ್ನು ಮರೆಯಬಾರದು ಎಂದರು. ಈ ಸಂದರ್ಭದಲ್ಲಿ ಜಿಲ್ಲಾ ಪ್ರಧಾನ ಕಾರ್ಯದರ್ಶಿ ನಿಂಬಗಲ್ ರಾಮಕೃಷ್ಣ, ಜಿಲ್ಲಾ ಉಪಾಧ್ಯಕ್ಷ ಕೆ.ರಮೇಶ, ಬ್ಲಾಕ್ ಕಾಂಗ್ರೆಸ್ ಸಮಿತಿ ಅಧ್ಯಕ್ಷ ವಿನಾಯಕ ಶೆಟ್ಟರ್, ಪರಿಶಿಷ್ಟ ಜಾತಿ ವಿಭಾಗದ ಅಧ್ಯಕ್ಷ ಎಂ.ಸಿ.ವೀರಸ್ವಾಮಿ, ಕಾರ್ಮಿಕ ವಿಭಾಗದ ಅಧ್ಯಕ್ಷ ಎಂ.ಡಿ.ಆರ್.ಆಶೀಕ್, ಮುಖಂಡರಾದ ಚಿತ್ತವಾಡ್ಗಿ, ಅಸಂಘಟಿತ ಕಾರ್ಮಿಕರ ವಿಭಾಗದ ಜಿಲ್ಲಾಧ್ಯಕ್ಷ ಪಿ.ಲೋಕೇಶ್ ಕಟಿಪಿಸಿಸಿ ಅಸಂಘಟಿತ ಕಾರ್ಮಿಕರ ಪ್ರಧಾನ ಕಾರ್ಯದರ್ಶಿ ಲಿಂಗಣ್ಣ ನಾಯಕ, ವಕೀಲರಾದ ಕಾಶಿ ವೆಂಕಟೇಶ್, ಹೆಚ್.ಪರಶುರಾಮ, ಮಲಪನಗುಡಿ ಪಂಪಣ್ಣ ಸೇರಿದಂತೆ ಪದಾಧಿಕಾರಿಗಳು ಹಾಗೂ ಕಾರ್ಯಕರ್ತರು ಉಪಸ್ಥಿತರಿದ್ದರು.

ರಾಜ್ಯ ರಾಜಕೀಯದಲ್ಲಿ ಜಾತಿ ಗಣತಿ ಬಿರುಗಾಳಿ: ಬಿಜೆಪಿ ಹೋರಾಟಕ್ಕೆ ಭಾರೀ ಹಿನ್ನಡೆ; ಕಾರಣವೇನು ಗೊತ್ತೇ?

ಬೆಂಗಳೂರು: ಏಪ್ರಿಲ್ 17 ರಂದು ಸಚಿವ ಸಂಪುಟ ಸಭೆ ನಡೆಯಲಿದ್ದು, ಜಾತಿ ಗಣತಿ ವರದಿ ಬಗ್ಗೆ ಚರ್ಚೆ ನಡೆಯಲಿದೆ. ವರದಿಯಲ್ಲಿ ಸೋರಿಕೆಯಾದ ವಿಚಾರಗಳಲ್ಲಿ ಹಿಂದುಳಿದ ವರ್ಗಗಳಿಗೆ (ಒಬಿಸಿ) ಮೀಸಲಾತಿ ಹೆಚ್ಚಿಸುವ ಬಗ್ಗೆ ಶಿಫಾರಸು ಮಾಡಲಾಗಿದೆ. ಜಾತಿ ಜನಗಣತಿ ವರದಿ ಅಥವಾ ಸಾಮಾಜಿಕ-ಆರ್ಥಿಕ ಶೈಕ್ಷಣಿಕ ಸಮೀಕ್ಷೆ ವರದಿಯನ್ನು ಕೈಬಿಡುವಂತೆ ಒಕ್ಕಲಿಗ ಮತ್ತು ಲಿಂಗಾಯತ ಸಮುದಾಯಗಳು ಒತ್ತಾಯಿಸುತ್ತಿವೆ. ಈ ವರದಿ ವೈಜ್ಞಾನಿಕವಲ್ಲ ಎಂದು ಆರೋಪಿಸುತ್ತಿದ್ದಾರೆ. ಆದರೆ, ಬಿಜೆಪಿ ನಾಯಕರು ಈ ವಿಚಾರದಲ್ಲಿ ಎಚ್ಚರಿಕೆಯ ನಡೆ ಅನುಸರಿಸುತ್ತಿದ್ದಾರೆ. ಏಕೆಂದರೆ ಹಿಂದುಳಿದ ವರ್ಗಗಳ ಮತಗಳನ್ನು ಕಳೆದುಕೊಳ್ಳುವ ಭಯ ಅವರಿಗಿದೆ. ಈ ಸಂಬಂಧ ಟ್ವೀಟ್ ಮಾಡಿರುವ ಅವರು, ಈ ಸಮೀಕ್ಷಾ ವರದಿಯ ಆಧಾರದ ಮೇಲೆ ಸಿದ್ದರಾಮಯ್ಯ ಅವರು ರಾಜಕೀಯ ಲಾಭ ಪಡೆಯಲು ಯತ್ನಿಸುತ್ತಿದ್ದಾರೆ ಎಂದು ಆರೋಪಿಸಿದ್ದಾರೆ.

CASTE

ವ್ಯಕ್ತಿಪಡಿಸಿದ್ದಾರೆ. ಈಗಿನ ಬೆಳವಣಿಗೆ ಗಮನಿಸಿದರೆ ಸಿದ್ದರಾಮಯ್ಯ ಅವರು ಈ ಸಮೀಕ್ಷಾ ವರದಿ ಅನುಷ್ಠಾನ ಗೊಳಿಸುವ ಬಗ್ಗೆ ಖಚಿತ ನಿಲುವು ಹೊಂದಿದ್ದಾರೆ. ಎಲ್ಲ ಸವಾಲುಗಳನ್ನು ಎದುರಿಸಲು ಸಿದ್ಧರಾಗಿದ್ದಾರೆ. ಸಿದ್ದರಾಮಯ್ಯ ಅವರು ಮೀಸಲಾತಿ ಹೆಚ್ಚಿಸುವ ಮೂಲಕ ಹಿಂದುಳಿದ ವರ್ಗಗಳ ಬೆಂಬಲ ಗಳಿಸುವ ಉದ್ದೇಶ ಹೊಂದಿದ್ದಾರೆ. ವಿಶೇಷ ಕ್ಯಾಬಿನೆಟ್ ಸಂಪುಟ ಉಪಸಮಿತಿ ಹೆಸರು ಚರ್ಚೆಯಲ್ಲಿದೆ. ಹಿಂದುಳಿದ ವರ್ಗಗಳ ಆಯೋಗದ ವರದಿ ಜಾರಿಗೆ ಸರ್ಕಾರ ಮುಂದಾಗಿದೆ. ಇದೀಗ ಬಿಜೆಪಿ ಮತ್ತು ಕಾಂಗ್ರೆಸ್ ನಡುವೆ ಈ ವಿಚಾರದಲ್ಲಿ ತೀವ್ರ ಜಿದ್ದಾಜಿದ್ದಿ ನಡೆಯುತ್ತಿದೆ. ಹಿಂದುಳಿದ ಜಾತಿಗಳ ಬಿಜೆಪಿಯ ಎಸ್ ನೆಸ್ ಎಂದು ರಾಜಕೀಯ ವಿಶ್ಲೇಷಕರು ಹೇಳುತ್ತಾರೆ. ಸಿದ್ದರಾಮಯ್ಯ ಸರ್ಕಾರದ ಈ ನಡೆ ಬಿಜೆಪಿಗೆ ಹಿನ್ನಡೆಯಾಗಲಿದೆ. ಜಾತಿ ಗಣತಿ ವರದಿ ಕುರಿತಾಗಿ ಸಮುದಾಯಗಳ ಅಭಿಪ್ರಾಯ ಸಂಗ್ರಹಿಸಲು ಸರ್ಕಾರ ಮುಂದಾಗಿದೆ. ಬಿಜೆಪಿ ಮತ್ತು ಕಾಂಗ್ರೆಸ್ ಸಭೆಯ ನಿರ್ಧಾರದ ನಂತರ ಮುಂದಿನ ನಡೆ ತೀರ್ಮಾನವಾಗಲಿದೆ.
